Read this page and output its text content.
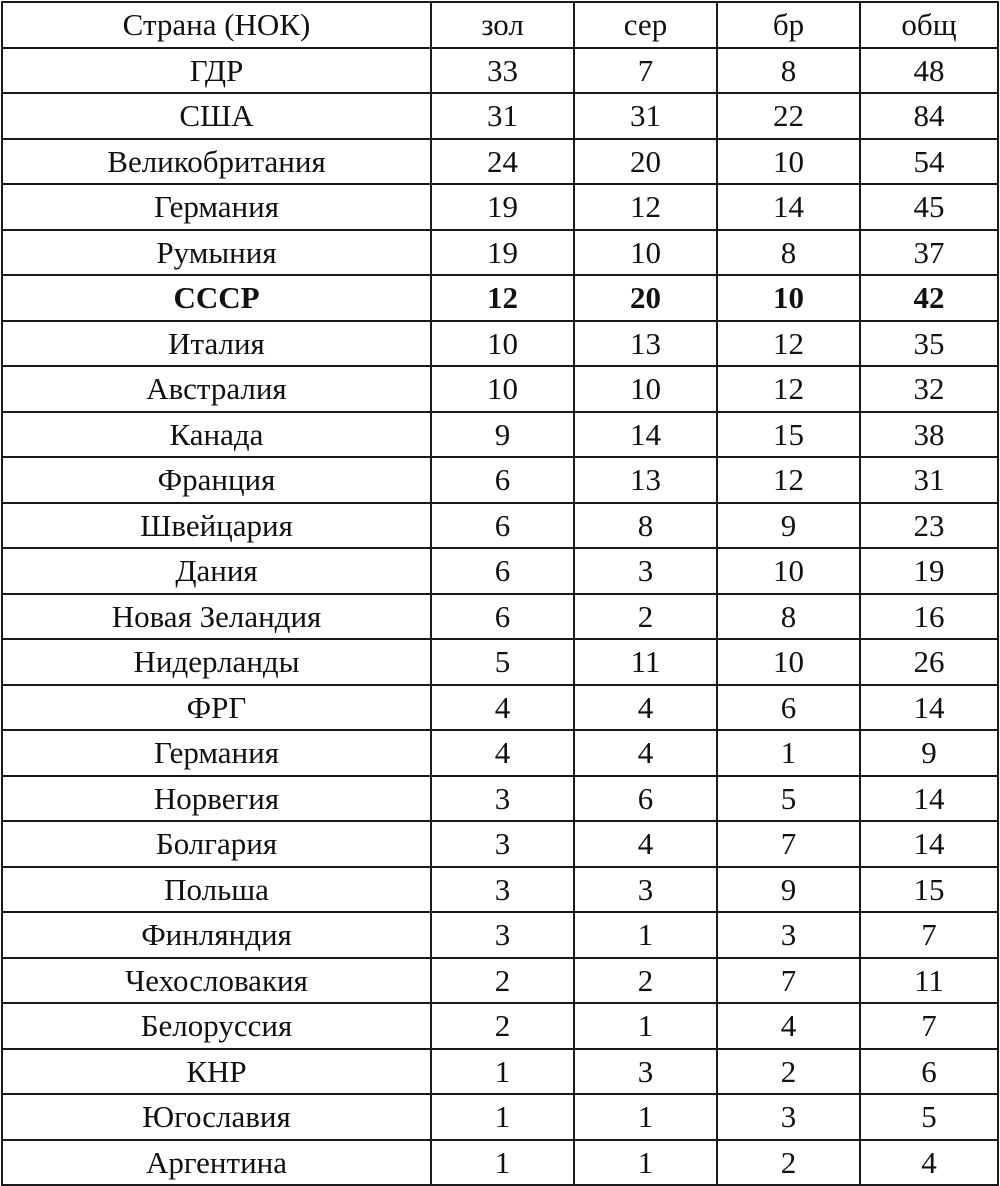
Страна (НОК)	зол	сер	бр	общ
ГДР	33	7	8	48
США	31	31	22	84
Великобритания	24	20	10	54
Германия	19	12	14	45
Румыния	19	10	8	37
СССР	12	20	10	42
Италия	10	13	12	35
Австралия	10	10	12	32
Канада	9	14	15	38
Франция	6	13	12	31
Швейцария	6	8	9	23
Дания	6	3	10	19
Новая Зеландия	6	2	8	16
Нидерланды	5	11	10	26
ФРГ	4	4	6	14
Германия	4	4	1	9
Норвегия	3	6	5	14
Болгария	3	4	7	14
Польша	3	3	9	15
Финляндия	3	1	3	7
Чехословакия	2	2	7	11
Белоруссия	2	1	4	7
КНР	1	3	2	6
Югославия	1	1	3	5
Аргентина	1	1	2	4
